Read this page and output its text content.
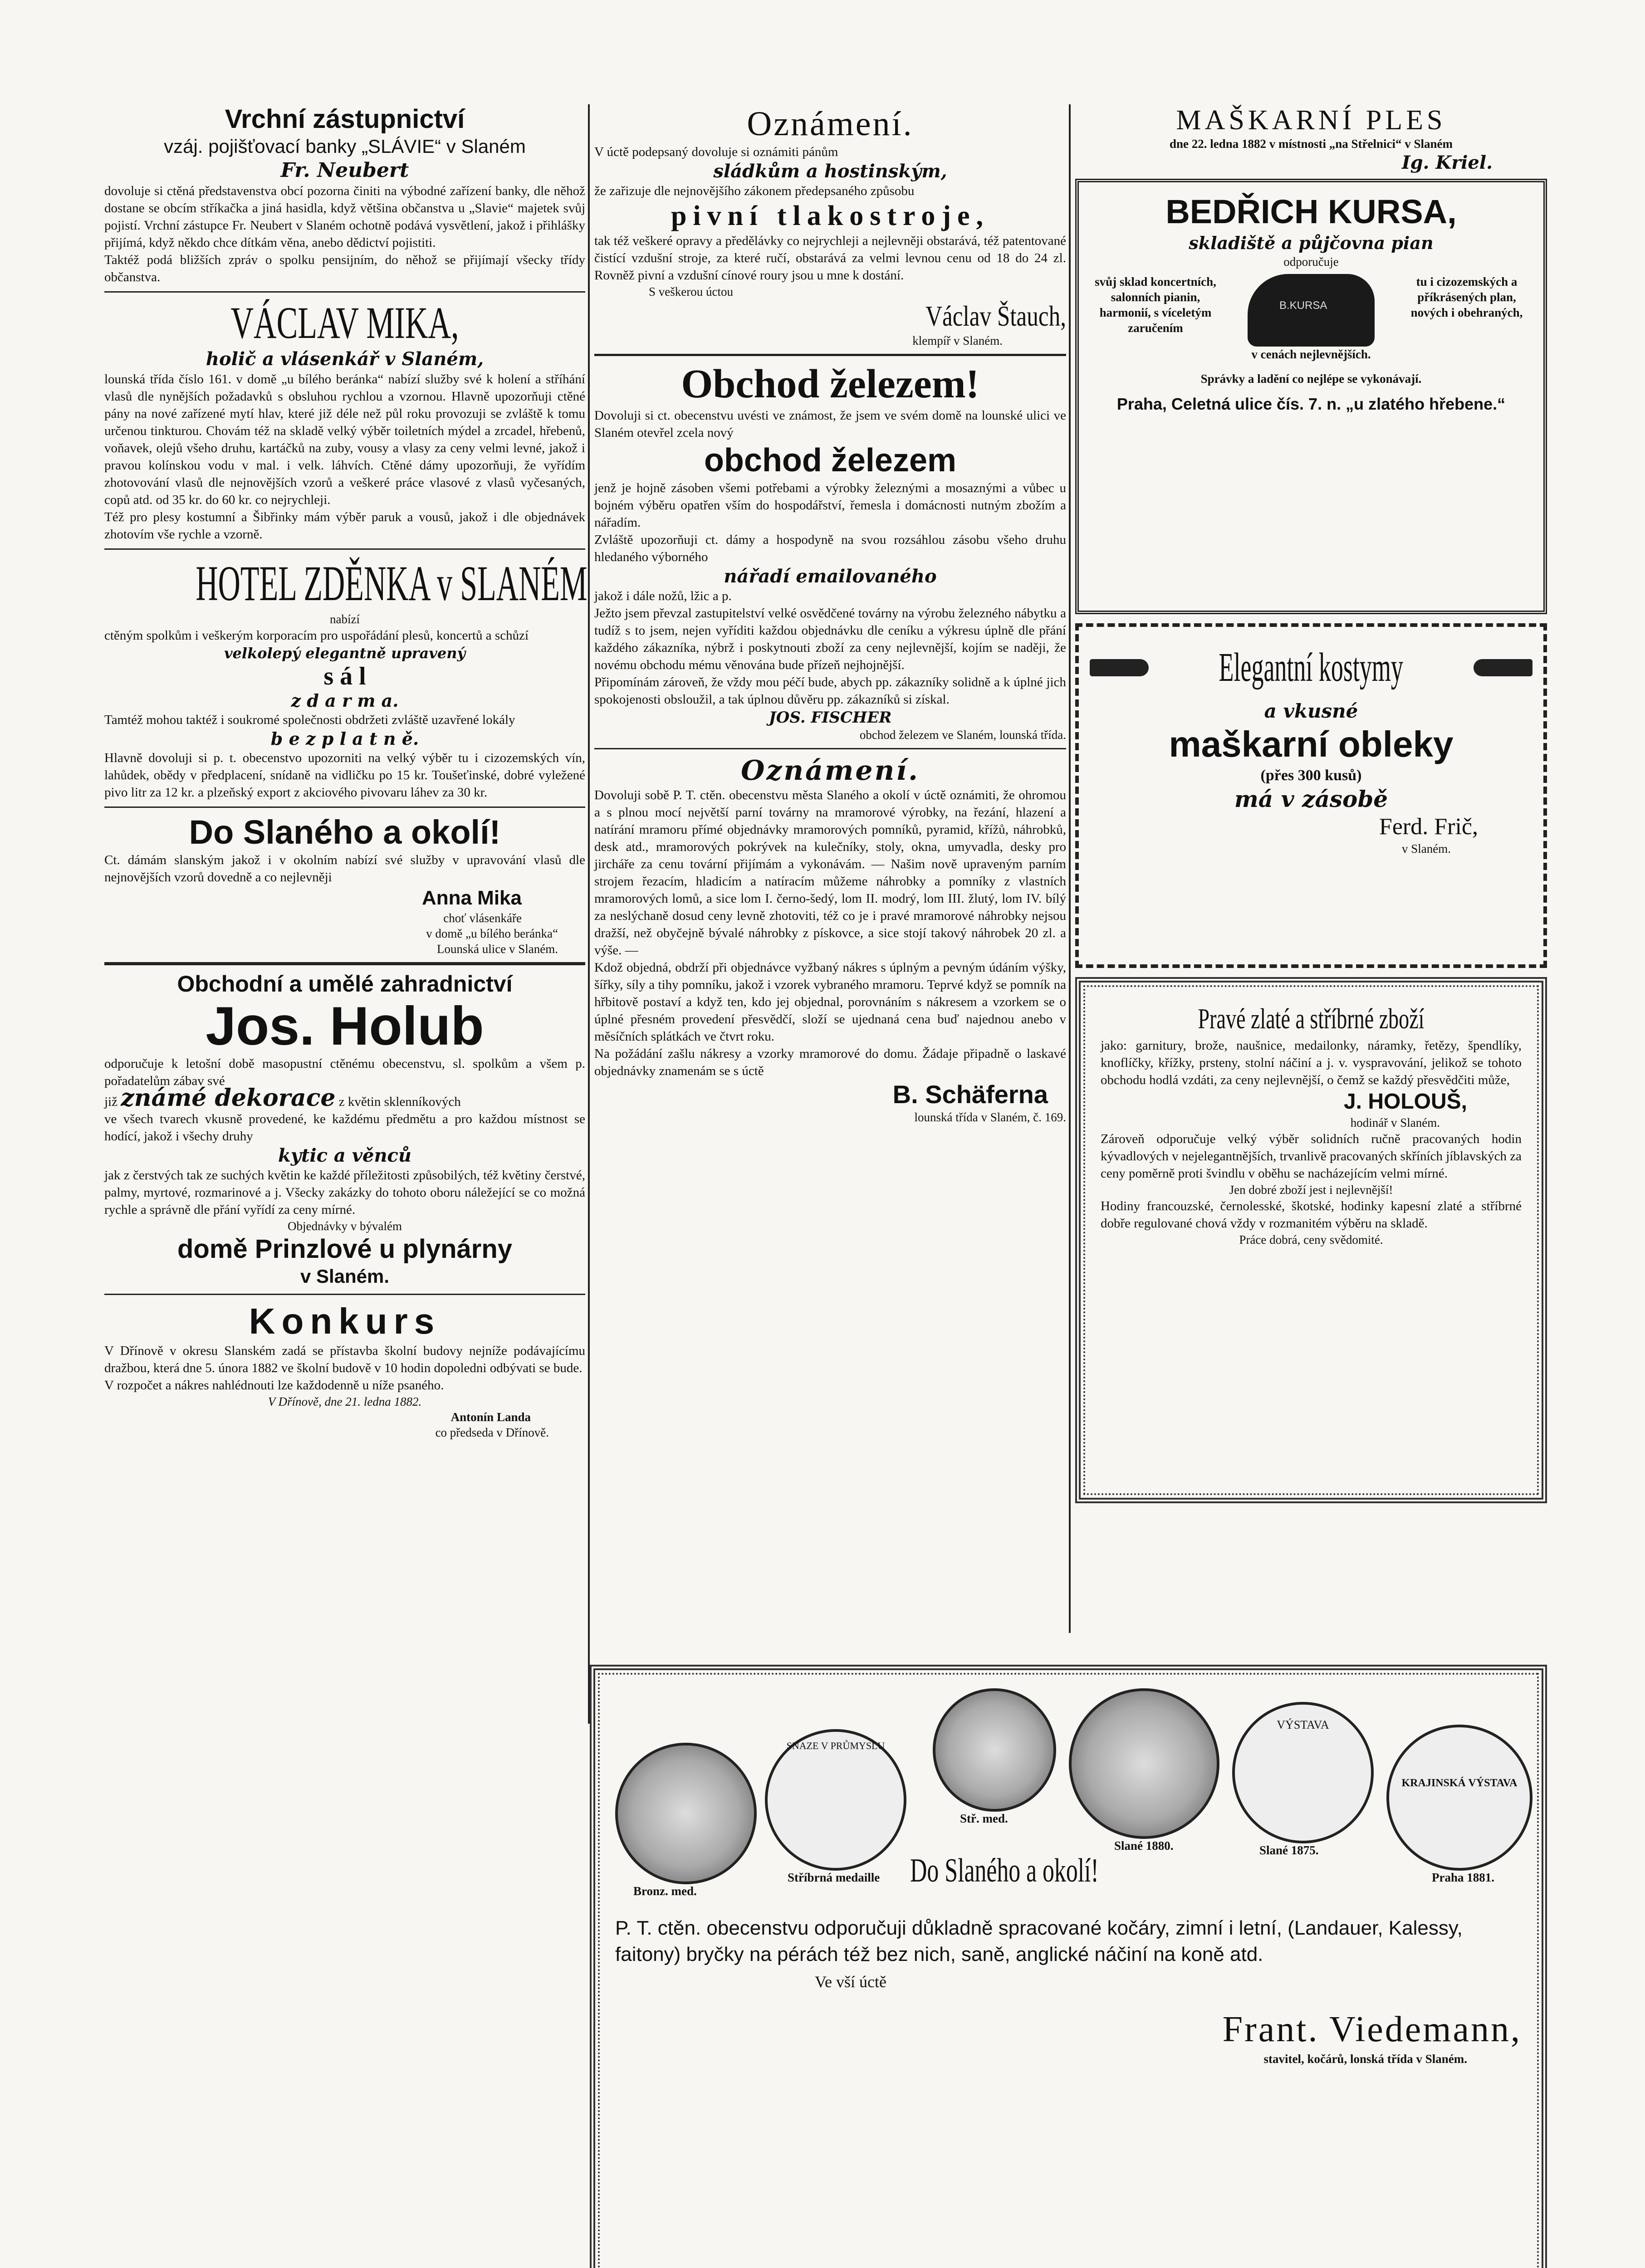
Vrchní zástupnictví

vzáj. pojišťovací banky „SLÁVIE“ v Slaném

Fr. Neubert

dovoluje si ctěná představenstva obcí pozorna činiti na výbodné zařízení banky, dle něhož dostane se obcím stříkačka a jiná hasidla, když většina občanstva u „Slavie“ majetek svůj pojistí. Vrchní zástupce Fr. Neubert v Slaném ochotně podává vysvětlení, jakož i přihlášky přijímá, když někdo chce dítkám věna, anebo dědictví pojistiti.

Taktéž podá bližších zpráv o spolku pensijním, do něhož se přijímají všecky třídy občanstva.

VÁCLAV MIKA,

holič a vlásenkář v Slaném,

lounská třída číslo 161. v domě „u bílého beránka“ nabízí služby své k holení a stříhání vlasů dle nynějších požadavků s obsluhou rychlou a vzornou. Hlavně upozorňuji ctěné pány na nové zařízené mytí hlav, které již déle než půl roku provozuji se zvláště k tomu určenou tinkturou. Chovám též na skladě velký výběr toiletních mýdel a zrcadel, hřebenů, voňavek, olejů všeho druhu, kartáčků na zuby, vousy a vlasy za ceny velmi levné, jakož i pravou kolínskou vodu v mal. i velk. láhvích. Ctěné dámy upozorňuji, že vyřídím zhotovování vlasů dle nejnovějších vzorů a veškeré práce vlasové z vlasů vyčesaných, copů atd. od 35 kr. do 60 kr. co nejrychleji.

Též pro plesy kostumní a Šibřinky mám výběr paruk a vousů, jakož i dle objednávek zhotovím vše rychle a vzorně.

HOTEL ZDĚNKA v SLANÉM

nabízí

ctěným spolkům i veškerým korporacím pro uspořádání plesů, koncertů a schůzí

velkolepý elegantně upravený

s á l

z d a r m a.

Tamtéž mohou taktéž i soukromé společnosti obdržeti zvláště uzavřené lokály

b e z p l a t n ě.

Hlavně dovoluji si p. t. obecenstvo upozorniti na velký výběr tu i cizozemských vín, lahůdek, obědy v předplacení, snídaně na vidličku po 15 kr. Toušeťinské, dobré vyležené pivo litr za 12 kr. a plzeňský export z akciového pivovaru láhev za 30 kr.

Do Slaného a okolí!

Ct. dámám slanským jakož i v okolním nabízí své služby v upravování vlasů dle nejnovějších vzorů dovedně a co nejlevněji

Anna Mika

choť vlásenkáře

v domě „u bílého beránka“

Lounská ulice v Slaném.

Obchodní a umělé zahradnictví

Jos. Holub

odporučuje k letošní době masopustní ctěnému obecenstvu, sl. spolkům a všem p. pořadatelům zábav své

již známé dekorace z květin sklenníkových

ve všech tvarech vkusně provedené, ke každému předmětu a pro každou místnost se hodící, jakož i všechy druhy

kytic a věnců

jak z čerstvých tak ze suchých květin ke každé příležitosti způsobilých, též květiny čerstvé, palmy, myrtové, rozmarinové a j. Všecky zakázky do tohoto oboru náležející se co možná rychle a správně dle přání vyřídí za ceny mírné.

Objednávky v bývalém

domě Prinzlové u plynárny

v Slaném.

Konkurs

V Dřínově v okresu Slanském zadá se přístavba školní budovy nejníže podávajícímu dražbou, která dne 5. února 1882 ve školní budově v 10 hodin dopoledni odbývati se bude.

V rozpočet a nákres nahlédnouti lze každodenně u níže psaného.

V Dřínově, dne 21. ledna 1882.

Antonín Landa

co předseda v Dřínově.

Oznámení.

V úctě podepsaný dovoluje si oznámiti pánům

sládkům a hostinským,

že zařizuje dle nejnovějšího zákonem předepsaného způsobu

pivní tlakostroje,

tak též veškeré opravy a předělávky co nejrychleji a nejlevněji obstarává, též patentované čistící vzdušní stroje, za které ručí, obstarává za velmi levnou cenu od 18 do 24 zl. Rovněž pivní a vzdušní cínové roury jsou u mne k dostání.

S veškerou úctou

Václav Štauch,

klempíř v Slaném.

Obchod železem!

Dovoluji si ct. obecenstvu uvésti ve známost, že jsem ve svém domě na lounské ulici ve Slaném otevřel zcela nový

obchod železem

jenž je hojně zásoben všemi potřebami a výrobky železnými a mosaznými a vůbec u bojném výběru opatřen vším do hospodářství, řemesla i domácnosti nutným zbožím a nářadím.

Zvláště upozorňuji ct. dámy a hospodyně na svou rozsáhlou zásobu všeho druhu hledaného výborného

nářadí emailovaného

jakož i dále nožů, lžic a p.

Ježto jsem převzal zastupitelství velké osvědčené továrny na výrobu železného nábytku a tudíž s to jsem, nejen vyříditi každou objednávku dle ceníku a výkresu úplně dle přání každého zákazníka, nýbrž i poskytnouti zboží za ceny nejlevnější, kojím se naději, že novému obchodu mému věnována bude přízeň nejhojnější.

Připomínám zároveň, že vždy mou péčí bude, abych pp. zákazníky solidně a k úplné jich spokojenosti obsloužil, a tak úplnou důvěru pp. zákazníků si získal.

JOS. FISCHER

obchod železem ve Slaném, lounská třída.

Oznámení.

Dovoluji sobě P. T. ctěn. obecenstvu města Slaného a okolí v úctě oznámiti, že ohromou a s plnou mocí největší parní továrny na mramorové výrobky, na řezání, hlazení a natírání mramoru přímé objednávky mramorových pomníků, pyramid, křížů, náhrobků, desk atd., mramorových pokrývek na kulečníky, stoly, okna, umyvadla, desky pro jircháře za cenu tovární přijímám a vykonávám. — Našim nově upraveným parním strojem řezacím, hladicím a natíracím můžeme náhrobky a pomníky z vlastních mramorových lomů, a sice lom I. černo-šedý, lom II. modrý, lom III. žlutý, lom IV. bílý za neslýchaně dosud ceny levně zhotoviti, též co je i pravé mramorové náhrobky nejsou dražší, než obyčejně bývalé náhrobky z pískovce, a sice stojí takový náhrobek 20 zl. a výše. —

Kdož objedná, obdrží při objednávce vyžbaný nákres s úplným a pevným údáním výšky, šířky, síly a tihy pomníku, jakož i vzorek vybraného mramoru. Teprvé když se pomník na hřbitově postaví a když ten, kdo jej objednal, porovnáním s nákresem a vzorkem se o úplné přesném provedení přesvědčí, složí se ujednaná cena buď najednou anebo v měsíčních splátkách ve čtvrt roku.

Na požádání zašlu nákresy a vzorky mramorové do domu. Žádaje připadně o laskavé objednávky znamenám se s úctě

B. Schäferna

lounská třída v Slaném, č. 169.

MAŠKARNÍ PLES

dne 22. ledna 1882 v místnosti „na Střelnici“ v Slaném

Ig. Kriel.

BEDŘICH KURSA,

skladiště a půjčovna pian

odporučuje

svůj sklad koncertních, salonních pianin, harmonií, s víceletým zaručením

B.KURSA

v cenách nejlevnějších.

tu i cizozemských a příkrásených plan, nových i obehraných,

Správky a ladění co nejlépe se vykonávají.

Praha, Celetná ulice čís. 7. n. „u zlatého hřebene.“

Elegantní kostymy

a vkusné

maškarní obleky

(přes 300 kusů)

má v zásobě

Ferd. Frič,

v Slaném.

Pravé zlaté a stříbrné zboží

jako: garnitury, brože, naušnice, medailonky, náramky, řetězy, špendlíky, knoflíčky, křížky, prsteny, stolní náčiní a j. v. vyspravování, jelikož se tohoto obchodu hodlá vzdáti, za ceny nejlevnější, o čemž se každý přesvědčiti může,

J. HOLOUŠ,

hodinář v Slaném.

Zároveň odporučuje velký výběr solidních ručně pracovaných hodin kývadlových v nejelegantnějších, trvanlivě pracovaných skříních jíblavských za ceny poměrně proti švindlu v oběhu se nacházejícím velmi mírné.

Jen dobré zboží jest i nejlevnější!

Hodiny francouzské, černolesské, škotské, hodinky kapesní zlaté a stříbrné dobře regulované chová vždy v rozmanitém výběru na skladě.

Práce dobrá, ceny svědomité.

SNAZE V PRŮMYSLU
VÝSTAVA
KRAJINSKÁ VÝSTAVA
Bronz. med.
Stříbrná medaille
Stř. med.
Slané 1880.	Slané 1875.
Praha 1881.
Do Slaného a okolí!

P. T. ctěn. obecenstvu odporučuji důkladně spracované kočáry, zimní i letní, (Landauer, Kalessy, faitony) bryčky na pérách též bez nich, saně, anglické náčiní na koně atd.

Ve vší úctě

Frant. Viedemann,

stavitel, kočárů, lonská třída v Slaném.
